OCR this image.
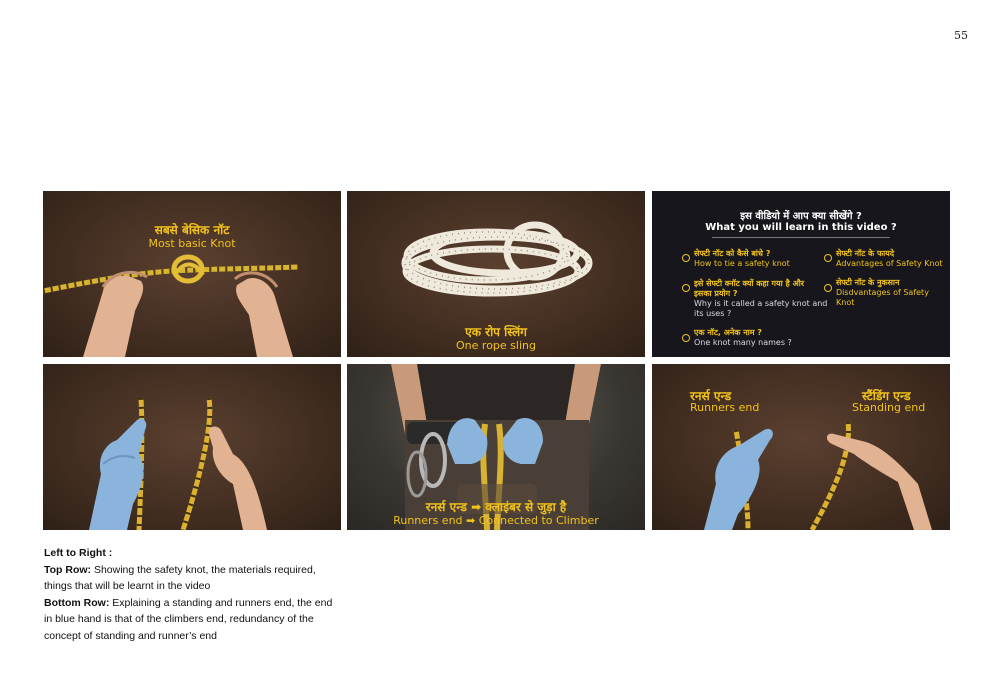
55
सबसे बेसिक नॉट
Most basic Knot
एक रोप स्लिंग
One rope sling
इस वीडियो में आप क्या सीखेंगे ?
What you will learn in this video ?
सेफ्टी नॉट को कैसे बांधे ?
How to tie a safety knot
इसे सेफ्टी क्नॉट क्यों कहा गया है और
इसका प्रयोग ?
Why is it called a safety knot and
its uses ?
एक नॉट, अनेक नाम ?
One knot many names ?
सेफ्टी नॉट के फायदे
Advantages of Safety Knot
सेफ्टी नॉट के नुकसान
Disdvantages of Safety Knot
रनर्स एन्ड ➡ क्लाइंबर से जुड़ा है
Runners end ➡ Connected to Climber
रनर्स एन्ड
Runners end
स्टैंडिंग एन्ड
Standing end
Left to Right :
Top Row: Showing the safety knot, the materials required, things that will be learnt in the video
Bottom Row: Explaining a standing and runners end, the end in blue hand is that of the climbers end, redundancy of the concept of standing and runner’s end
